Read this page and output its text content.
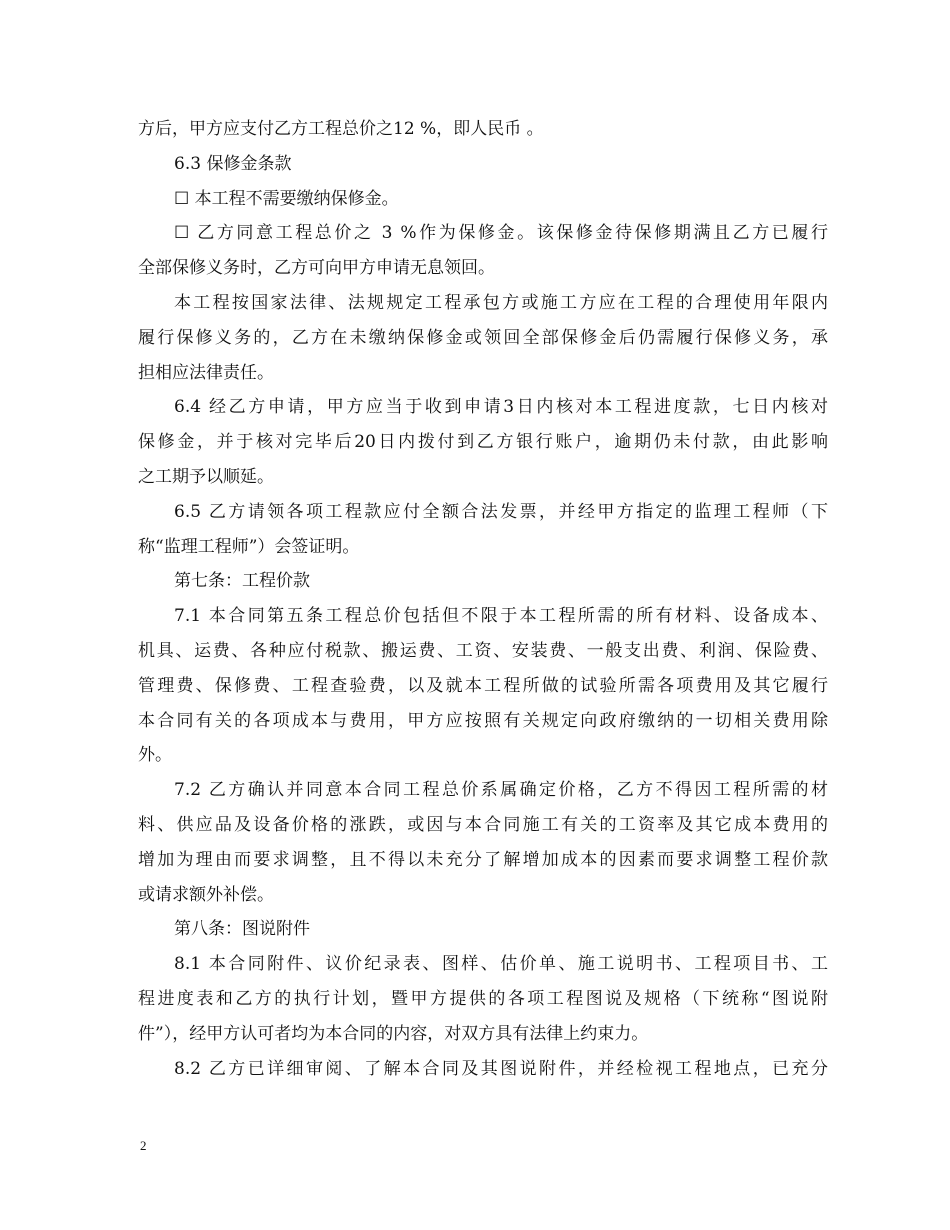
方后，甲方应支付乙方工程总价之12 %，即人民币 。
6.3 保修金条款
☐ 本工程不需要缴纳保修金。
☐ 乙方同意工程总价之 3 %作为保修金。该保修金待保修期满且乙方已履行
全部保修义务时，乙方可向甲方申请无息领回。
本工程按国家法律、法规规定工程承包方或施工方应在工程的合理使用年限内
履行保修义务的，乙方在未缴纳保修金或领回全部保修金后仍需履行保修义务，承
担相应法律责任。
6.4 经乙方申请，甲方应当于收到申请3日内核对本工程进度款，七日内核对
保修金，并于核对完毕后20日内拨付到乙方银行账户，逾期仍未付款，由此影响
之工期予以顺延。
6.5 乙方请领各项工程款应付全额合法发票，并经甲方指定的监理工程师（下
称“监理工程师”）会签证明。
第七条：工程价款
7.1 本合同第五条工程总价包括但不限于本工程所需的所有材料、设备成本、
机具、运费、各种应付税款、搬运费、工资、安装费、一般支出费、利润、保险费、
管理费、保修费、工程查验费，以及就本工程所做的试验所需各项费用及其它履行
本合同有关的各项成本与费用，甲方应按照有关规定向政府缴纳的一切相关费用除
外。
7.2 乙方确认并同意本合同工程总价系属确定价格，乙方不得因工程所需的材
料、供应品及设备价格的涨跌，或因与本合同施工有关的工资率及其它成本费用的
增加为理由而要求调整，且不得以未充分了解增加成本的因素而要求调整工程价款
或请求额外补偿。
第八条：图说附件
8.1 本合同附件、议价纪录表、图样、估价单、施工说明书、工程项目书、工
程进度表和乙方的执行计划，暨甲方提供的各项工程图说及规格（下统称“图说附
件”），经甲方认可者均为本合同的内容，对双方具有法律上约束力。
8.2 乙方已详细审阅、了解本合同及其图说附件，并经检视工程地点，已充分
2
